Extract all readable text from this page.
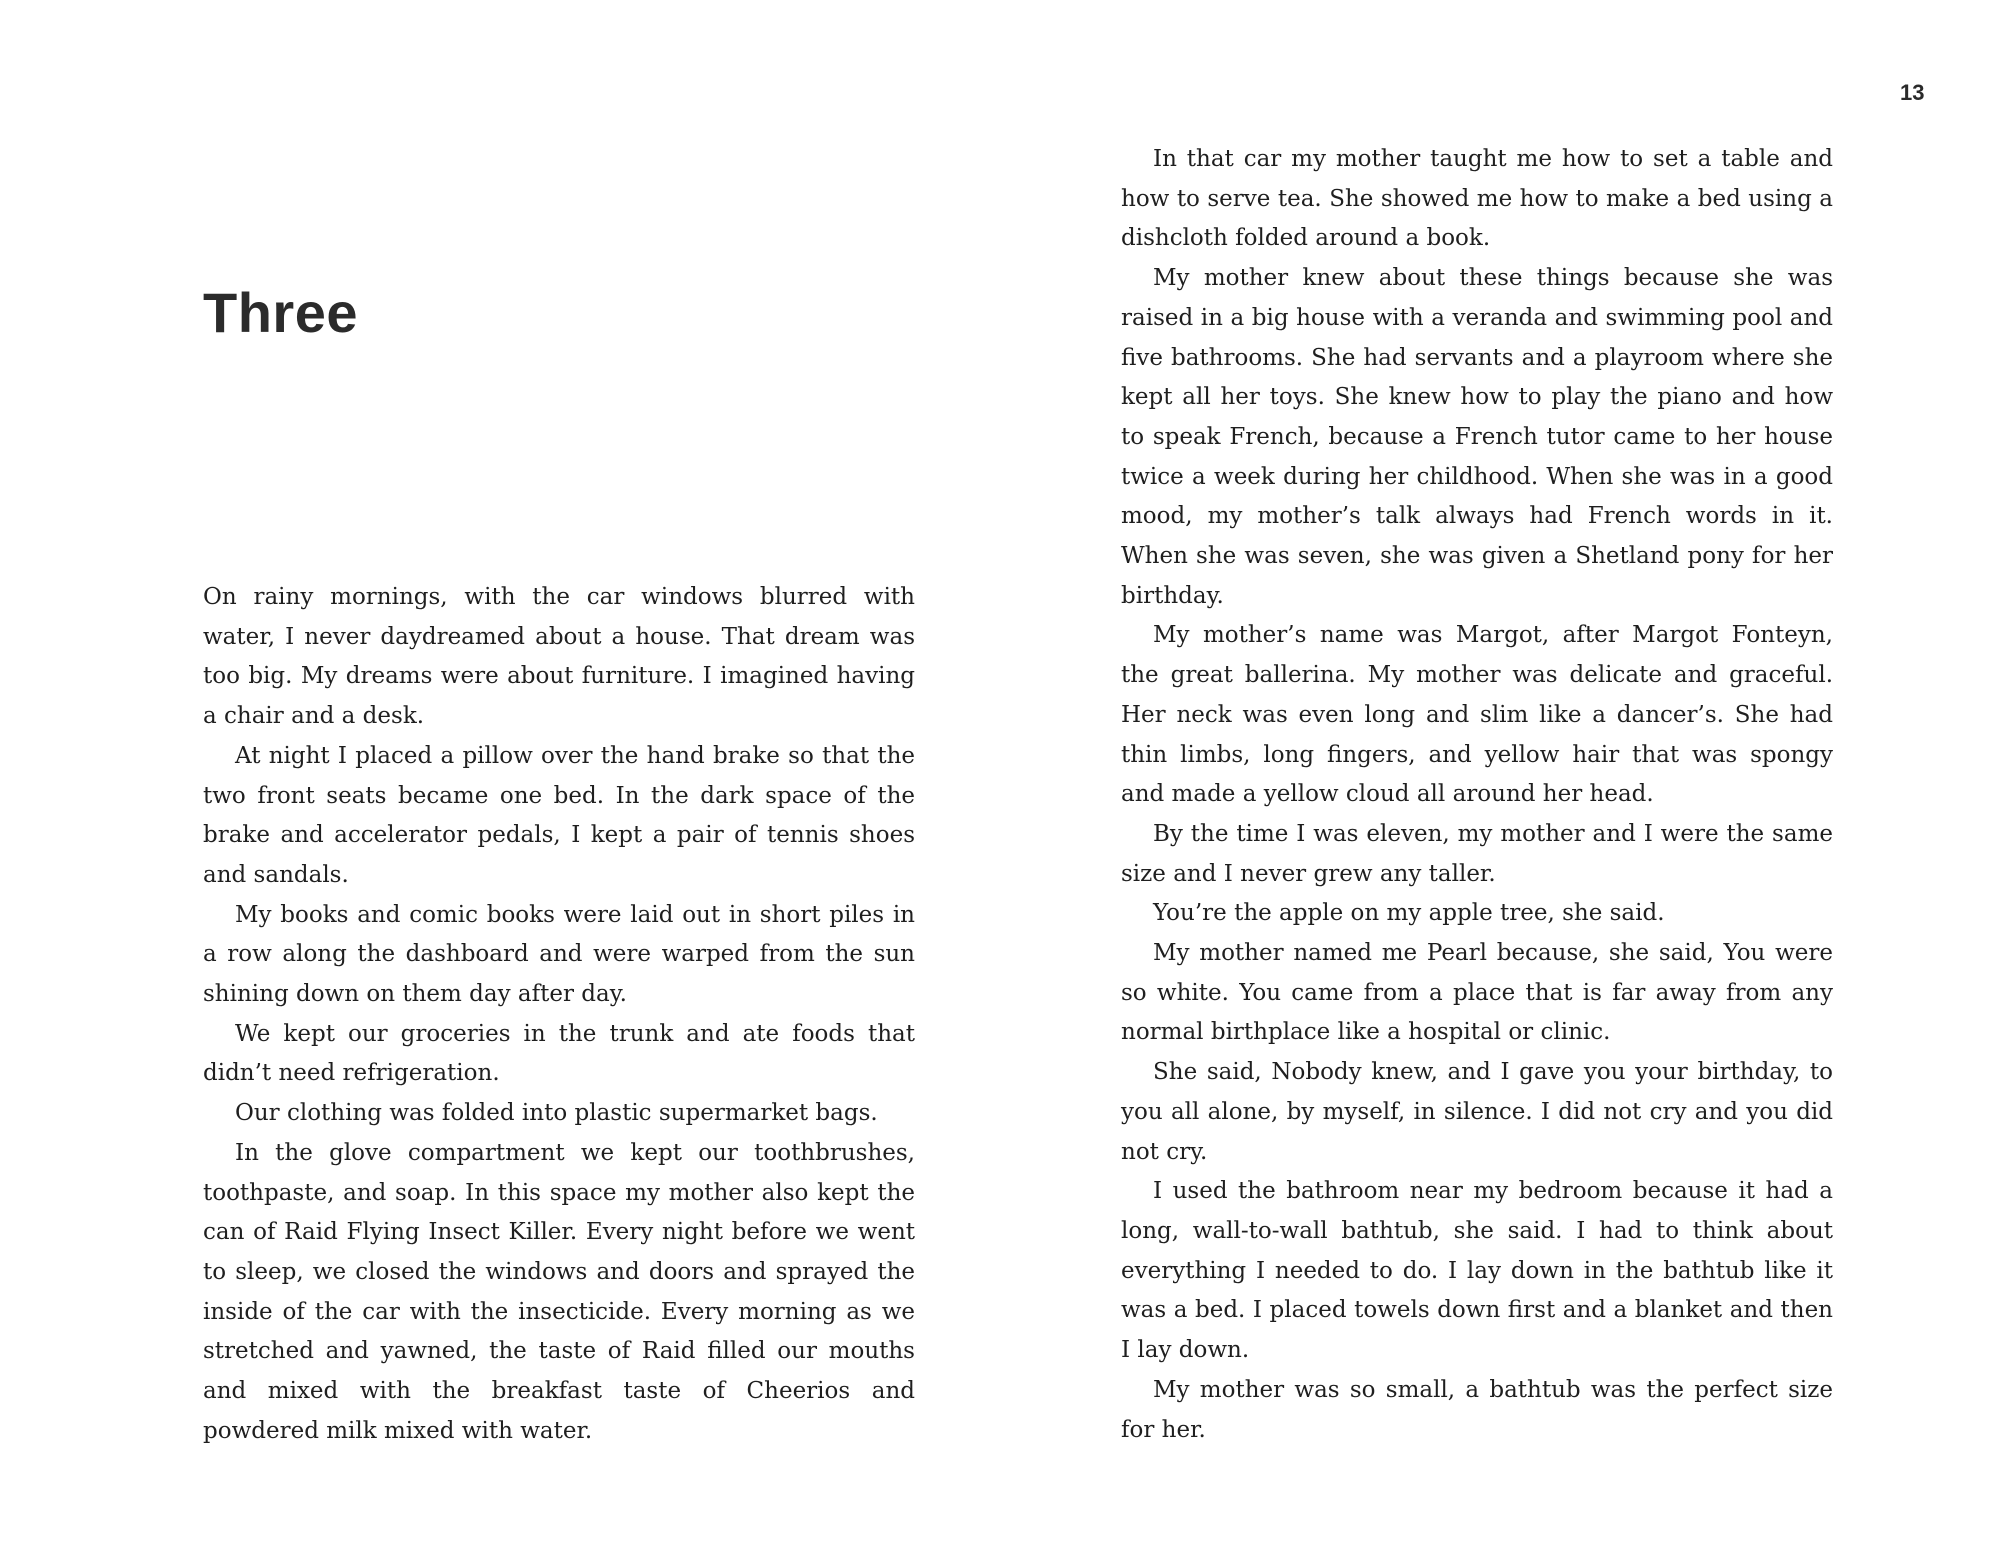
13
Three

On rainy mornings, with the car windows blurred with water, I never daydreamed about a house. That dream was too big. My dreams were about furniture. I imagined having a chair and a desk.

At night I placed a pillow over the hand brake so that the two front seats became one bed. In the dark space of the brake and accelerator pedals, I kept a pair of tennis shoes and sandals.

My books and comic books were laid out in short piles in a row along the dashboard and were warped from the sun shining down on them day after day.

We kept our groceries in the trunk and ate foods that didn’t need refrigeration.

Our clothing was folded into plastic supermarket bags.

In the glove compartment we kept our toothbrushes, toothpaste, and soap. In this space my mother also kept the can of Raid Flying Insect Killer. Every night before we went to sleep, we closed the windows and doors and sprayed the inside of the car with the insecticide. Every morning as we stretched and yawned, the taste of Raid filled our mouths and mixed with the breakfast taste of Cheerios and powdered milk mixed with water.

In that car my mother taught me how to set a table and how to serve tea. She showed me how to make a bed using a dishcloth folded around a book.

My mother knew about these things because she was raised in a big house with a veranda and swimming pool and five bathrooms. She had servants and a playroom where she kept all her toys. She knew how to play the piano and how to speak French, because a French tutor came to her house twice a week during her childhood. When she was in a good mood, my mother’s talk always had French words in it. When she was seven, she was given a Shetland pony for her birthday.

My mother’s name was Margot, after Margot Fonteyn, the great ballerina. My mother was delicate and graceful. Her neck was even long and slim like a dancer’s. She had thin limbs, long fingers, and yellow hair that was spongy and made a yellow cloud all around her head.

By the time I was eleven, my mother and I were the same size and I never grew any taller.

You’re the apple on my apple tree, she said.

My mother named me Pearl because, she said, You were so white. You came from a place that is far away from any normal birthplace like a hospital or clinic.

She said, Nobody knew, and I gave you your birthday, to you all alone, by myself, in silence. I did not cry and you did not cry.

I used the bathroom near my bedroom because it had a long, wall-to-wall bathtub, she said. I had to think about everything I needed to do. I lay down in the bathtub like it was a bed. I placed towels down first and a blanket and then I lay down.

My mother was so small, a bathtub was the perfect size for her.
